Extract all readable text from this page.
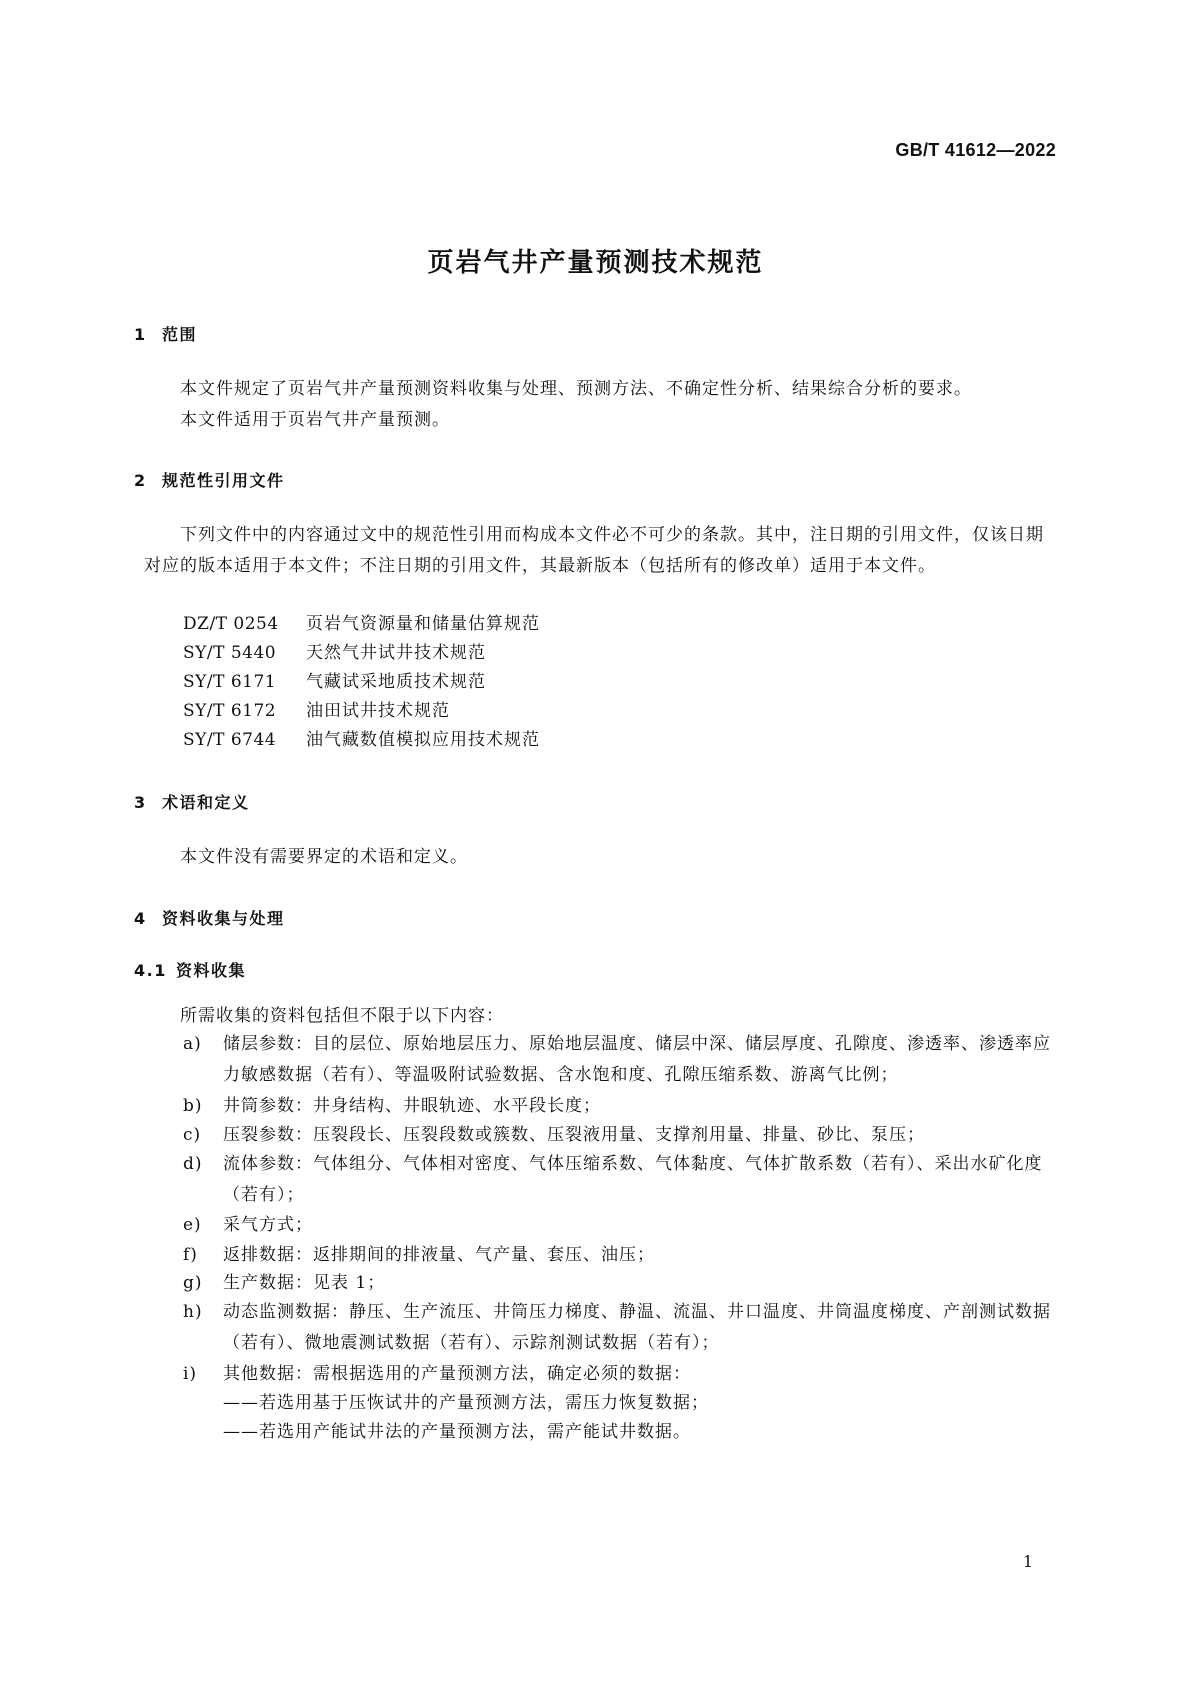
GB/T 41612—2022
页岩气井产量预测技术规范
1 范围

本文件规定了页岩气井产量预测资料收集与处理、预测方法、不确定性分析、结果综合分析的要求。

本文件适用于页岩气井产量预测。

2 规范性引用文件

下列文件中的内容通过文中的规范性引用而构成本文件必不可少的条款。其中，注日期的引用文件，仅该日期对应的版本适用于本文件；不注日期的引用文件，其最新版本（包括所有的修改单）适用于本文件。

DZ/T 0254 页岩气资源量和储量估算规范
SY/T 5440 天然气井试井技术规范
SY/T 6171 气藏试采地质技术规范
SY/T 6172 油田试井技术规范
SY/T 6744 油气藏数值模拟应用技术规范
3 术语和定义

本文件没有需要界定的术语和定义。

4 资料收集与处理
4.1 资料收集

所需收集的资料包括但不限于以下内容：

a)	储层参数：目的层位、原始地层压力、原始地层温度、储层中深、储层厚度、孔隙度、渗透率、渗透率应力敏感数据（若有）、等温吸附试验数据、含水饱和度、孔隙压缩系数、游离气比例；
b)	井筒参数：井身结构、井眼轨迹、水平段长度；
c)	压裂参数：压裂段长、压裂段数或簇数、压裂液用量、支撑剂用量、排量、砂比、泵压；
d)	流体参数：气体组分、气体相对密度、气体压缩系数、气体黏度、气体扩散系数（若有）、采出水矿化度（若有）；
e)	采气方式；
f)	返排数据：返排期间的排液量、气产量、套压、油压；
g)	生产数据：见表 1；
h)	动态监测数据：静压、生产流压、井筒压力梯度、静温、流温、井口温度、井筒温度梯度、产剖测试数据（若有）、微地震测试数据（若有）、示踪剂测试数据（若有）；
i)	其他数据：需根据选用的产量预测方法，确定必须的数据：
——若选用基于压恢试井的产量预测方法，需压力恢复数据；
——若选用产能试井法的产量预测方法，需产能试井数据。
1
